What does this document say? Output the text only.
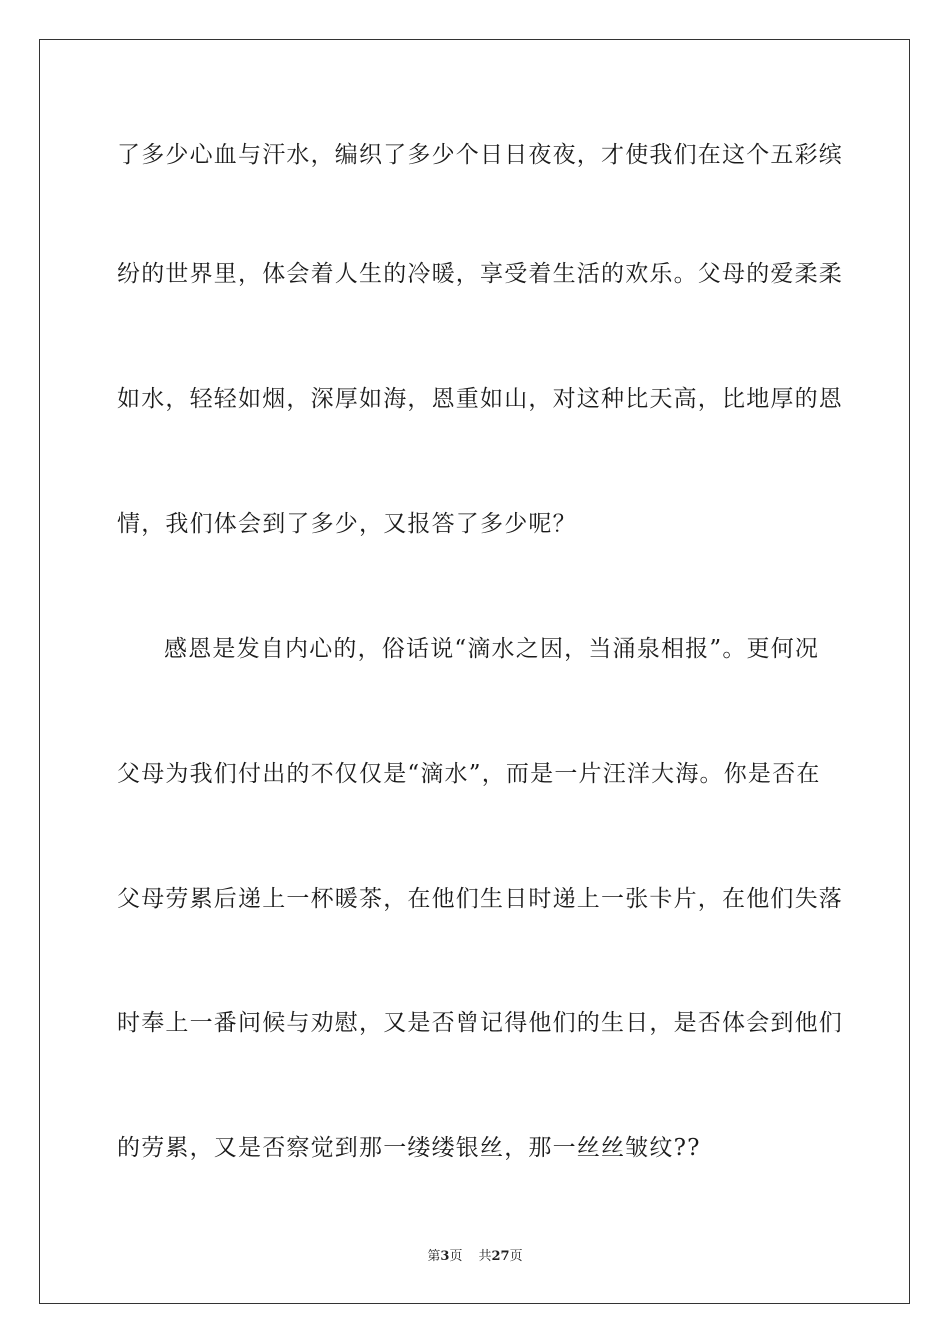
了多少心血与汗水，编织了多少个日日夜夜，才使我们在这个五彩缤
纷的世界里，体会着人生的冷暖，享受着生活的欢乐。父母的爱柔柔
如水，轻轻如烟，深厚如海，恩重如山，对这种比天高，比地厚的恩
情，我们体会到了多少，又报答了多少呢？
感恩是发自内心的，俗话说“滴水之因，当涌泉相报”。更何况
父母为我们付出的不仅仅是“滴水”，而是一片汪洋大海。你是否在
父母劳累后递上一杯暖茶，在他们生日时递上一张卡片，在他们失落
时奉上一番问候与劝慰，又是否曾记得他们的生日，是否体会到他们
的劳累，又是否察觉到那一缕缕银丝，那一丝丝皱纹??
第3页 共27页
